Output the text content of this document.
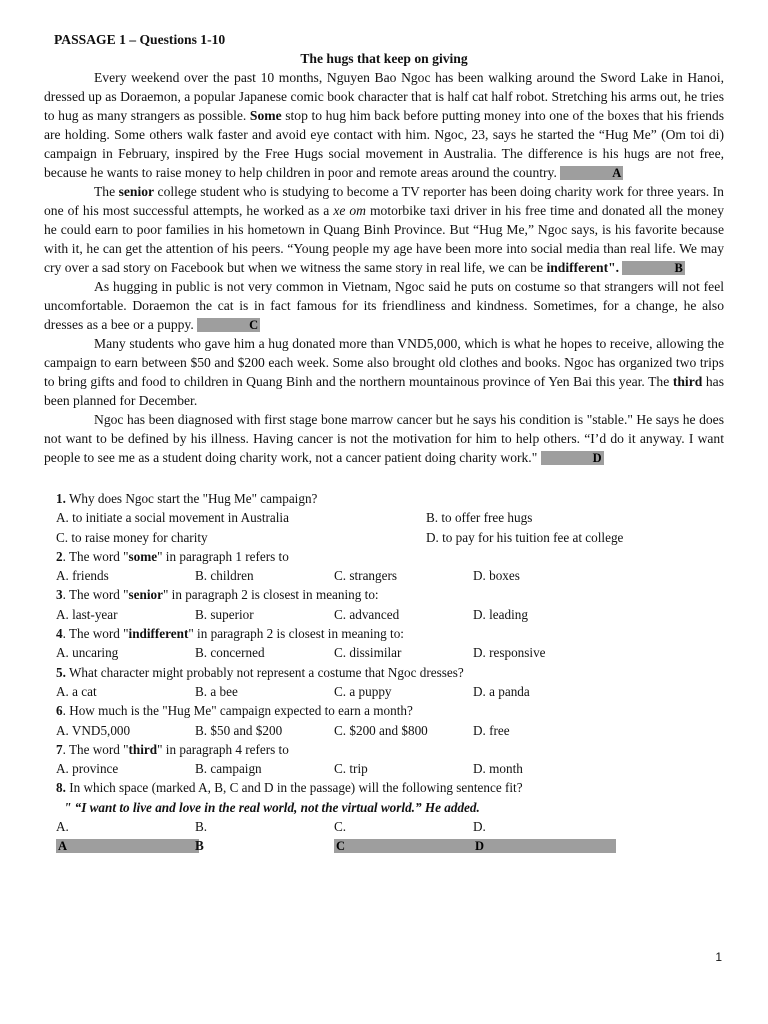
PASSAGE 1 – Questions 1-10
The hugs that keep on giving

Every weekend over the past 10 months, Nguyen Bao Ngoc has been walking around the Sword Lake in Hanoi, dressed up as Doraemon, a popular Japanese comic book character that is half cat half robot. Stretching his arms out, he tries to hug as many strangers as possible. Some stop to hug him back before putting money into one of the boxes that his friends are holding. Some others walk faster and avoid eye contact with him. Ngoc, 23, says he started the “Hug Me” (Om toi di) campaign in February, inspired by the Free Hugs social movement in Australia. The difference is his hugs are not free, because he wants to raise money to help children in poor and remote areas around the country.	A

The senior college student who is studying to become a TV reporter has been doing charity work for three years. In one of his most successful attempts, he worked as a xe om motorbike taxi driver in his free time and donated all the money he could earn to poor families in his hometown in Quang Binh Province. But “Hug Me,” Ngoc says, is his favorite because with it, he can get the attention of his peers. “Young people my age have been more into social media than real life. We may cry over a sad story on Facebook but when we witness the same story in real life, we can be indifferent".	B

As hugging in public is not very common in Vietnam, Ngoc said he puts on costume so that strangers will not feel uncomfortable. Doraemon the cat is in fact famous for its friendliness and kindness. Sometimes, for a change, he also dresses as a bee or a puppy.	C

Many students who gave him a hug donated more than VND5,000, which is what he hopes to receive, allowing the campaign to earn between $50 and $200 each week. Some also brought old clothes and books. Ngoc has organized two trips to bring gifts and food to children in Quang Binh and the northern mountainous province of Yen Bai this year. The third has been planned for December.

Ngoc has been diagnosed with first stage bone marrow cancer but he says his condition is "stable." He says he does not want to be defined by his illness. Having cancer is not the motivation for him to help others. “I’d do it anyway. I want people to see me as a student doing charity work, not a cancer patient doing charity work."	D

1. Why does Ngoc start the "Hug Me" campaign?
A. to initiate a social movement in Australia	B. to offer free hugs
C. to raise money for charity	D. to pay for his tuition fee at college
2. The word "some" in paragraph 1 refers to
A. friends	B. children	C. strangers	D. boxes
3. The word "senior" in paragraph 2 is closest in meaning to:
A. last-year	B. superior	C. advanced	D. leading
4. The word "indifferent" in paragraph 2 is closest in meaning to:
A. uncaring	B. concerned	C. dissimilar	D. responsive
5. What character might probably not represent a costume that Ngoc dresses?
A. a cat	B. a bee	C. a puppy	D. a panda
6. How much is the "Hug Me" campaign expected to earn a month?
A. VND5,000	B. $50 and $200	C. $200 and $800	D. free
7. The word "third" in paragraph 4 refers to
A. province	B. campaign	C. trip	D. month
8. In which space (marked A, B, C and D in the passage) will the following sentence fit?
" “I want to live and love in the real world, not the virtual world.” He added.
A.A
B.B
C.C
D.D
1
